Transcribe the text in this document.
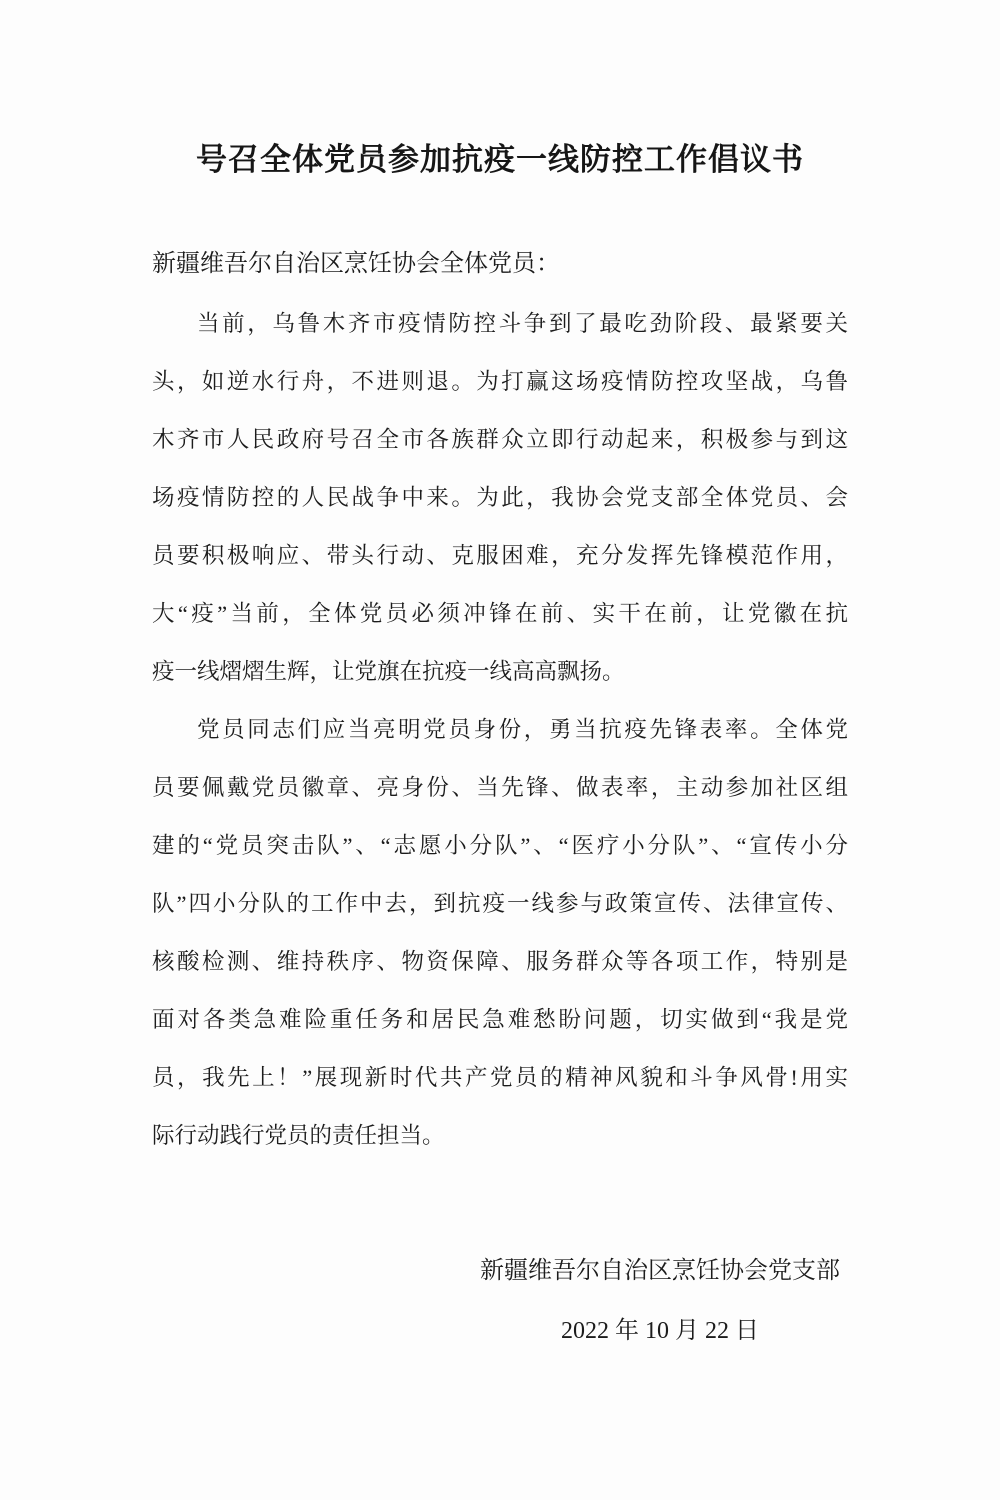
号召全体党员参加抗疫一线防控工作倡议书
新疆维吾尔自治区烹饪协会全体党员：
当前，乌鲁木齐市疫情防控斗争到了最吃劲阶段、最紧要关
头，如逆水行舟，不进则退。为打赢这场疫情防控攻坚战，乌鲁
木齐市人民政府号召全市各族群众立即行动起来，积极参与到这
场疫情防控的人民战争中来。为此，我协会党支部全体党员、会
员要积极响应、带头行动、克服困难，充分发挥先锋模范作用，
大“疫”当前，全体党员必须冲锋在前、实干在前，让党徽在抗
疫一线熠熠生辉，让党旗在抗疫一线高高飘扬。
党员同志们应当亮明党员身份，勇当抗疫先锋表率。全体党
员要佩戴党员徽章、亮身份、当先锋、做表率，主动参加社区组
建的“党员突击队”、“志愿小分队”、“医疗小分队”、“宣传小分
队”四小分队的工作中去，到抗疫一线参与政策宣传、法律宣传、
核酸检测、维持秩序、物资保障、服务群众等各项工作，特别是
面对各类急难险重任务和居民急难愁盼问题，切实做到“我是党
员，我先上！”展现新时代共产党员的精神风貌和斗争风骨!用实
际行动践行党员的责任担当。
新疆维吾尔自治区烹饪协会党支部
2022 年 10 月 22 日
